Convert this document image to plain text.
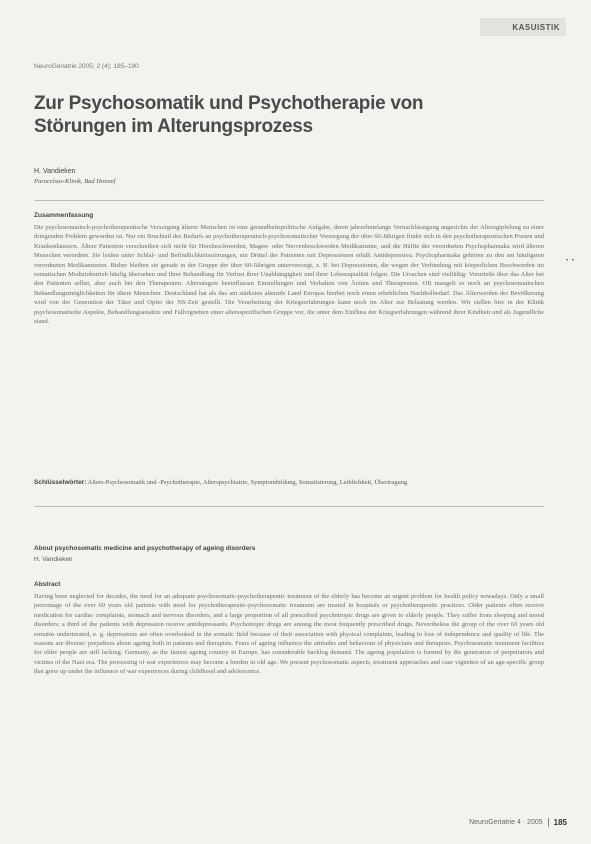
KASUISTIK
NeuroGeriatrie 2005; 2 (4): 185–190
Zur Psychosomatik und Psychotherapie von Störungen im Alterungsprozess
H. Vandieken
Paracelsus-Klinik, Bad Honnef
Zusammenfassung

Die psychosomatisch-psychotherapeutische Versorgung älterer Menschen ist eine gesundheitspolitische Aufgabe, deren jahrzehntelange Vernachlässigung angesichts der Altersgipfelung zu einer dringenden Problem geworden ist. Nur ein Bruchteil des Bedarfs an psychotherapeutisch-psychosomatischer Versorgung der über 60-Jährigen findet sich in den psychotherapeutischen Praxen und Krankenhäusern. Ältere Patienten verschreiben sich nicht für Herzbeschwerden, Magen- oder Nervenbeschwerden Medikamente, und die Hälfte der verordneten Psychopharmaka wird älteren Menschen verordnet. Sie leiden unter Schlaf- und Befindlichkeitsstörungen, ein Drittel der Patienten mit Depressionen erhält Antidepressiva. Psychopharmaka gehören zu den am häufigsten verordneten Medikamenten. Bisher bleiben sie gerade in der Gruppe der über 60-Jährigen unterversorgt, z. B. bei Depressionen, die wegen der Verbindung mit körperlichen Beschwerden im somatischen Medizinbetrieb häufig übersehen und ihrer Behandlung für Verlust ihrer Unabhängigkeit und ihrer Lebensqualität folgen. Die Ursachen sind vielfältig: Vorurteile über das Alter bei den Patienten selbst, aber auch bei den Therapeuten. Altersängste beeinflussen Einstellungen und Verhalten von Ärzten und Therapeuten. Oft mangelt es noch an psychosomatischen Behandlungsmöglichkeiten für ältere Menschen. Deutschland hat als das am stärksten alternde Land Europas hierbei noch einen erheblichen Nachholbedarf. Das Älterwerden der Bevölkerung wird von der Generation der Täter und Opfer der NS-Zeit gestellt. Die Verarbeitung der Kriegserfahrungen kann noch im Alter zur Belastung werden. Wir stellen hier in der Klinik psychosomatische Aspekte, Behandlungsansätze und Fallvignetten einer altersspezifischen Gruppe vor, die unter dem Einfluss der Kriegserfahrungen während ihrer Kindheit und als Jugendliche stand.

Schlüsselwörter: Alters-Psychosomatik und -Psychotherapie, Alterspsychiatrie, Symptombildung, Somatisierung, Leiblichkeit, Übertragung
About psychosomatic medicine and psychotherapy of ageing disorders
H. Vandieken
Abstract

Having been neglected for decades, the need for an adequate psychosomatic-psychotherapeutic treatment of the elderly has become an urgent problem for health policy nowadays. Only a small percentage of the over 60 years old patients with need for psychotherapeutic-psychosomatic treatment are treated in hospitals or psychotherapeutic practices. Older patients often receive medication for cardiac complaints, stomach and nervous disorders, and a large proportion of all prescribed psychotropic drugs are given to elderly people. They suffer from sleeping and mood disorders; a third of the patients with depression receive antidepressants. Psychotropic drugs are among the most frequently prescribed drugs. Nevertheless the group of the over 60 years old remains undertreated, e. g. depressions are often overlooked in the somatic field because of their association with physical complaints, leading to loss of independence and quality of life. The reasons are diverse: prejudices about ageing both in patients and therapists. Fears of ageing influence the attitudes and behaviour of physicians and therapists. Psychosomatic treatment facilities for older people are still lacking. Germany, as the fastest ageing country in Europe, has considerable backlog demand. The ageing population is formed by the generation of perpetrators and victims of the Nazi era. The processing of war experiences may become a burden in old age. We present psychosomatic aspects, treatment approaches and case vignettes of an age-specific group that grew up under the influence of war experiences during childhood and adolescence.

• •
NeuroGeriatrie 4 · 2005 185
